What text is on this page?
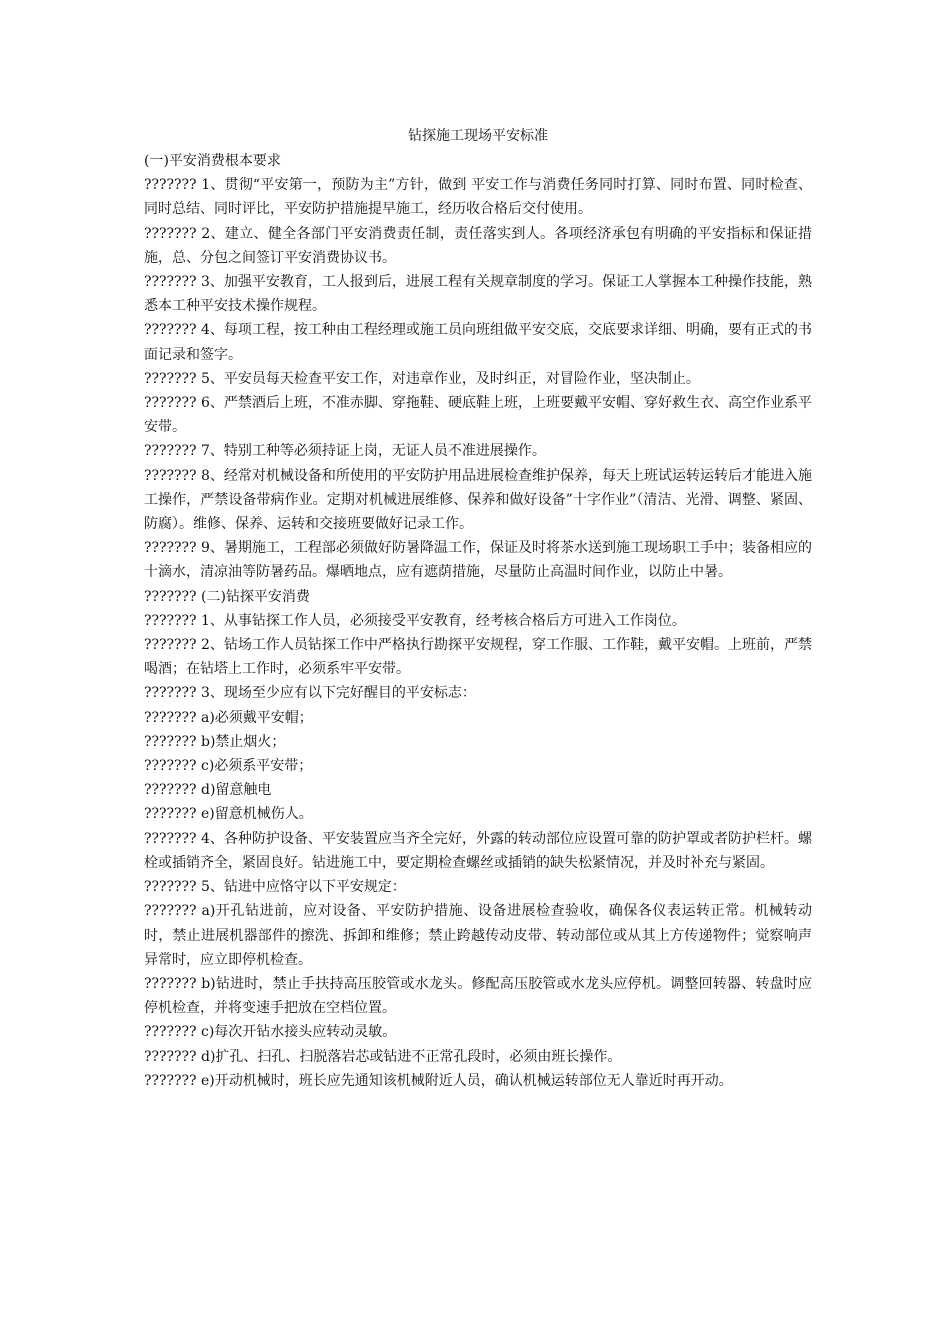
钻探施工现场平安标准

(一)平安消费根本要求

??????? 1、贯彻“平安第一，预防为主”方针，做到 平安工作与消费任务同时打算、同时布置、同时检查、同时总结、同时评比，平安防护措施提早施工，经历收合格后交付使用。

??????? 2、建立、健全各部门平安消费责任制，责任落实到人。各项经济承包有明确的平安指标和保证措施，总、分包之间签订平安消费协议书。

??????? 3、加强平安教育，工人报到后，进展工程有关规章制度的学习。保证工人掌握本工种操作技能，熟悉本工种平安技术操作规程。

??????? 4、每项工程，按工种由工程经理或施工员向班组做平安交底，交底要求详细、明确，要有正式的书面记录和签字。

??????? 5、平安员每天检查平安工作，对违章作业，及时纠正，对冒险作业，坚决制止。

??????? 6、严禁酒后上班，不准赤脚、穿拖鞋、硬底鞋上班，上班要戴平安帽、穿好救生衣、高空作业系平安带。

??????? 7、特别工种等必须持证上岗，无证人员不准进展操作。

??????? 8、经常对机械设备和所使用的平安防护用品进展检查维护保养，每天上班试运转运转后才能进入施工操作，严禁设备带病作业。定期对机械进展维修、保养和做好设备”十字作业”（清洁、光滑、调整、紧固、防腐）。维修、保养、运转和交接班要做好记录工作。

??????? 9、暑期施工，工程部必须做好防暑降温工作，保证及时将茶水送到施工现场职工手中；装备相应的十滴水，清凉油等防暑药品。爆晒地点，应有遮荫措施，尽量防止高温时间作业，以防止中暑。

??????? (二)钻探平安消费

??????? 1、从事钻探工作人员，必须接受平安教育，经考核合格后方可进入工作岗位。

??????? 2、钻场工作人员钻探工作中严格执行勘探平安规程，穿工作服、工作鞋，戴平安帽。上班前，严禁喝酒；在钻塔上工作时，必须系牢平安带。

??????? 3、现场至少应有以下完好醒目的平安标志：

??????? a)必须戴平安帽；

??????? b)禁止烟火；

??????? c)必须系平安带；

??????? d)留意触电

??????? e)留意机械伤人。

??????? 4、各种防护设备、平安装置应当齐全完好，外露的转动部位应设置可靠的防护罩或者防护栏杆。螺栓或插销齐全，紧固良好。钻进施工中，要定期检查螺丝或插销的缺失松紧情况，并及时补充与紧固。

??????? 5、钻进中应恪守以下平安规定：

??????? a)开孔钻进前，应对设备、平安防护措施、设备进展检查验收，确保各仪表运转正常。机械转动时，禁止进展机器部件的擦洗、拆卸和维修；禁止跨越传动皮带、转动部位或从其上方传递物件；觉察响声异常时，应立即停机检查。

??????? b)钻进时，禁止手扶持高压胶管或水龙头。修配高压胶管或水龙头应停机。调整回转器、转盘时应停机检查，并将变速手把放在空档位置。

??????? c)每次开钻水接头应转动灵敏。

??????? d)扩孔、扫孔、扫脱落岩芯或钻进不正常孔段时，必须由班长操作。

??????? e)开动机械时，班长应先通知该机械附近人员，确认机械运转部位无人靠近时再开动。
